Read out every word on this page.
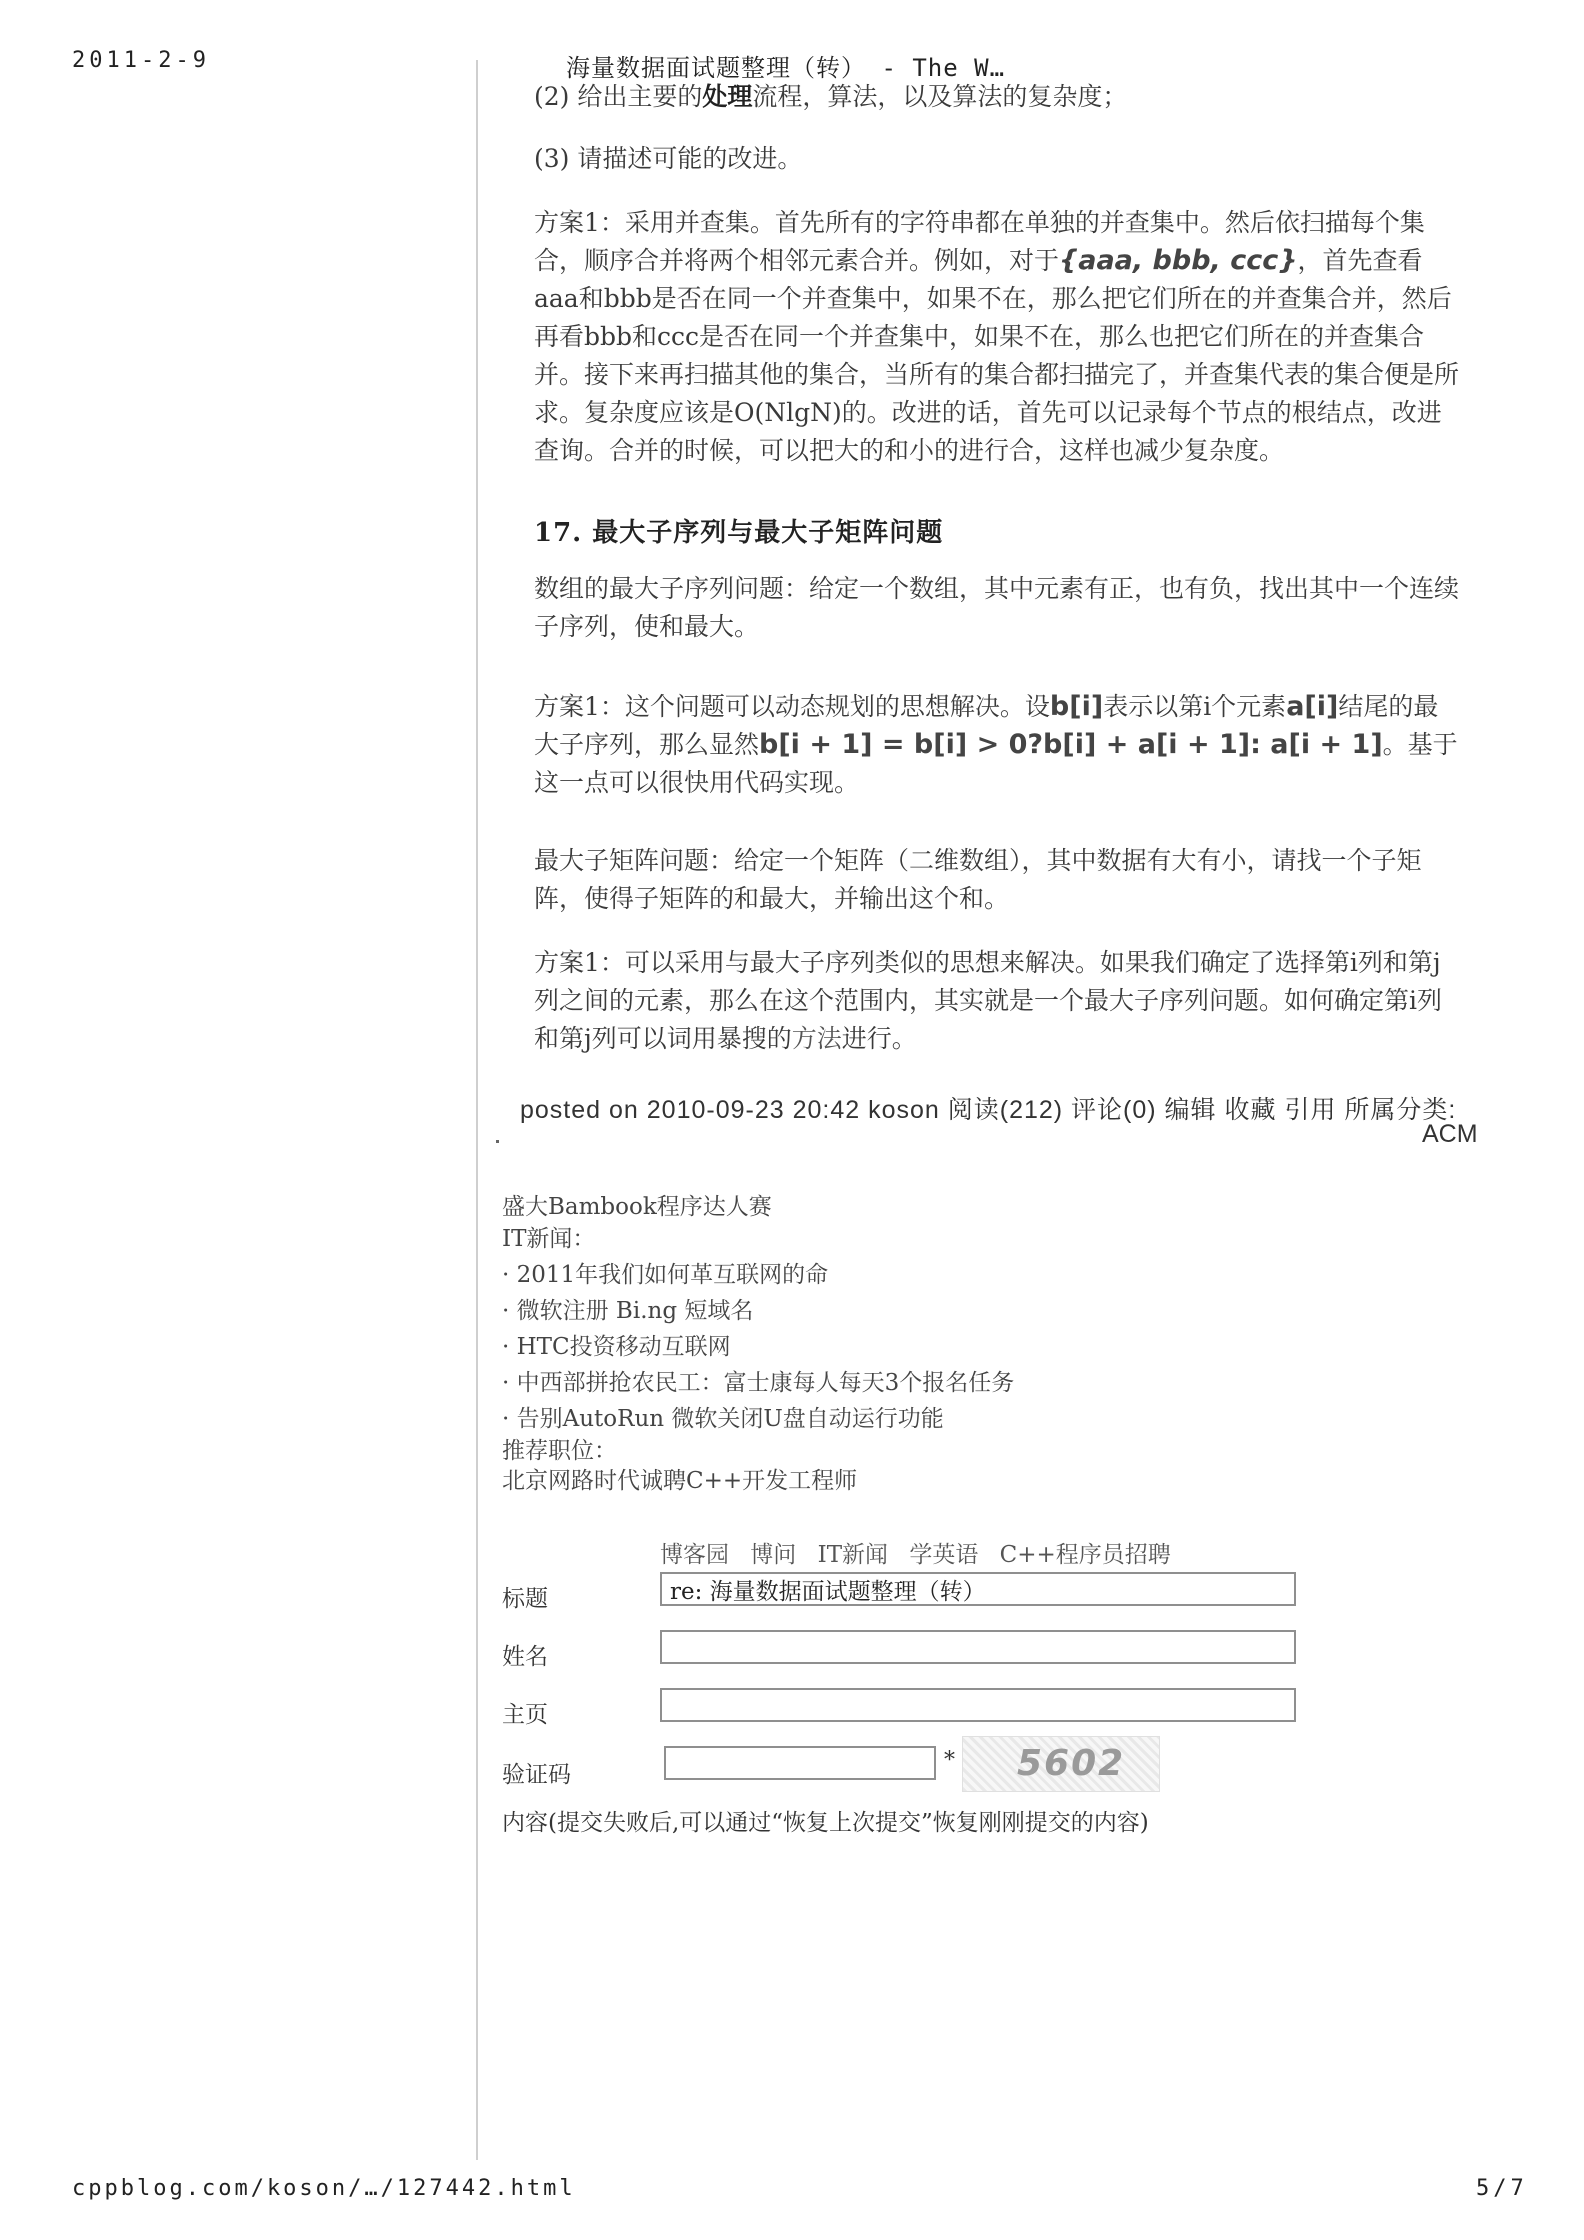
2011-2-9	海量数据面试题整理（转） - The W…
(2) 给出主要的处理流程，算法，以及算法的复杂度；
(3) 请描述可能的改进。
方案1：采用并查集。首先所有的字符串都在单独的并查集中。然后依扫描每个集合，顺序合并将两个相邻元素合并。例如，对于{aaa, bbb, ccc}，首先查看aaa和bbb是否在同一个并查集中，如果不在，那么把它们所在的并查集合并，然后再看bbb和ccc是否在同一个并查集中，如果不在，那么也把它们所在的并查集合并。接下来再扫描其他的集合，当所有的集合都扫描完了，并查集代表的集合便是所求。复杂度应该是O(NlgN)的。改进的话，首先可以记录每个节点的根结点，改进查询。合并的时候，可以把大的和小的进行合，这样也减少复杂度。
17. 最大子序列与最大子矩阵问题
数组的最大子序列问题：给定一个数组，其中元素有正，也有负，找出其中一个连续子序列，使和最大。
方案1：这个问题可以动态规划的思想解决。设b[i]表示以第i个元素a[i]结尾的最大子序列，那么显然b[i + 1] = b[i] > 0?b[i] + a[i + 1]: a[i + 1]。基于这一点可以很快用代码实现。
最大子矩阵问题：给定一个矩阵（二维数组），其中数据有大有小，请找一个子矩阵，使得子矩阵的和最大，并输出这个和。
方案1：可以采用与最大子序列类似的思想来解决。如果我们确定了选择第i列和第j列之间的元素，那么在这个范围内，其实就是一个最大子序列问题。如何确定第i列和第j列可以词用暴搜的方法进行。
posted on 2010-09-23 20:42 koson 阅读(212) 评论(0) 编辑 收藏 引用 所属分类:
ACM
盛大Bambook程序达人赛
IT新闻：
· 2011年我们如何革互联网的命
· 微软注册 Bi.ng 短域名
· HTC投资移动互联网
· 中西部拼抢农民工：富士康每人每天3个报名任务
· 告别AutoRun 微软关闭U盘自动运行功能
推荐职位：
北京网路时代诚聘C++开发工程师
博客园 博问 IT新闻 学英语 C++程序员招聘
标题
re: 海量数据面试题整理（转）
姓名
主页
验证码
* 5602
内容(提交失败后,可以通过“恢复上次提交”恢复刚刚提交的内容)
cppblog.com/koson/…/127442.html	5/7
